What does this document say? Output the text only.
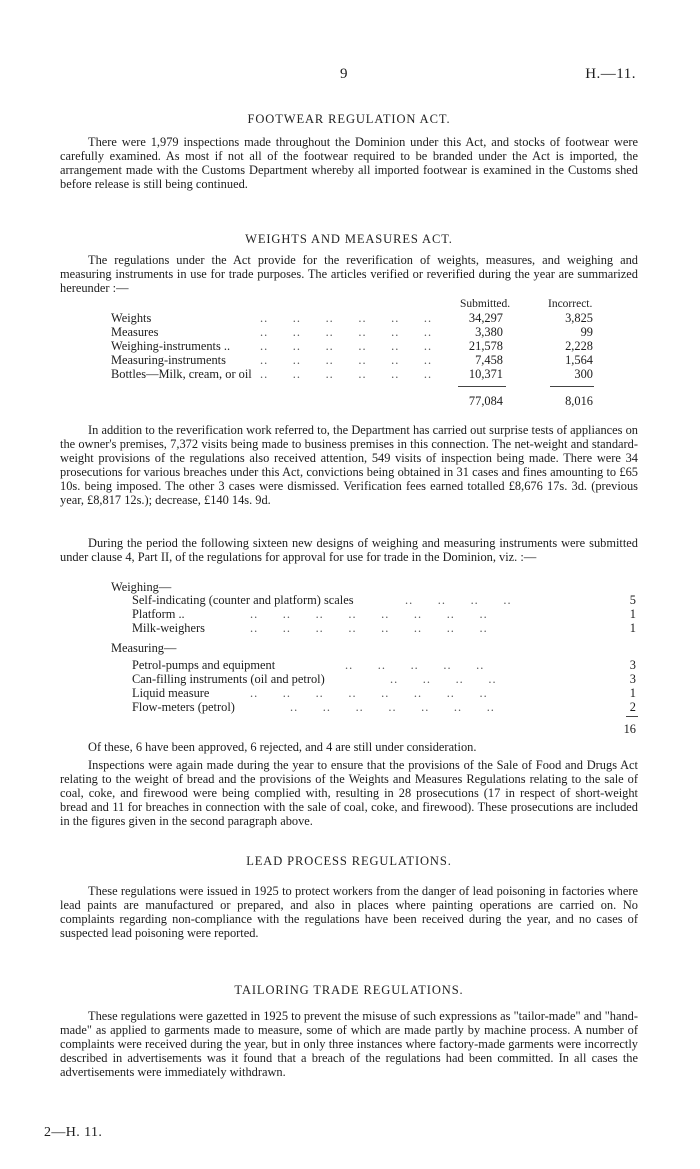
9	H.—11.
FOOTWEAR REGULATION ACT.

There were 1,979 inspections made throughout the Dominion under this Act, and stocks of footwear were carefully examined. As most if not all of the footwear required to be branded under the Act is imported, the arrangement made with the Customs Department whereby all imported footwear is examined in the Customs shed before release is still being continued.

WEIGHTS AND MEASURES ACT.

The regulations under the Act provide for the reverification of weights, measures, and weighing and measuring instruments in use for trade purposes. The articles verified or reverified during the year are summarized hereunder :—

Submitted.	Incorrect.
Weights	..      ..      ..      ..      ..      ..	34,297	3,825
Measures	..      ..      ..      ..      ..      ..	3,380	99
Weighing-instruments .. ..      ..      ..      ..      ..      ..	21,578	2,228
Measuring-instruments	..      ..      ..      ..      ..      ..	7,458	1,564
Bottles—Milk, cream, or oil ..      ..      ..      ..      ..      ..	10,371	300
77,084	8,016

In addition to the reverification work referred to, the Department has carried out surprise tests of appliances on the owner's premises, 7,372 visits being made to business premises in this connection. The net-weight and standard-weight provisions of the regulations also received attention, 549 visits of inspection being made. There were 34 prosecutions for various breaches under this Act, convictions being obtained in 31 cases and fines amounting to £65 10s. being imposed. The other 3 cases were dismissed. Verification fees earned totalled £8,676 17s. 3d. (previous year, £8,817 12s.); decrease, £140 14s. 9d.

During the period the following sixteen new designs of weighing and measuring instruments were submitted under clause 4, Part II, of the regulations for approval for use for trade in the Dominion, viz. :—

Weighing—
Self-indicating (counter and platform) scales	..      ..      ..      ..	5
Platform ..	..      ..      ..      ..      ..      ..      ..      ..	1
Milk-weighers	..      ..      ..      ..      ..      ..      ..      ..	1
Measuring—
Petrol-pumps and equipment	..      ..      ..      ..      ..	3
Can-filling instruments (oil and petrol)	..      ..      ..      ..	3
Liquid measure	..      ..      ..      ..      ..      ..      ..      ..	1
Flow-meters (petrol)	..      ..      ..      ..      ..      ..      ..	2
16

Of these, 6 have been approved, 6 rejected, and 4 are still under consideration.

Inspections were again made during the year to ensure that the provisions of the Sale of Food and Drugs Act relating to the weight of bread and the provisions of the Weights and Measures Regulations relating to the sale of coal, coke, and firewood were being complied with, resulting in 28 prosecutions (17 in respect of short-weight bread and 11 for breaches in connection with the sale of coal, coke, and firewood). These prosecutions are included in the figures given in the second paragraph above.

LEAD PROCESS REGULATIONS.

These regulations were issued in 1925 to protect workers from the danger of lead poisoning in factories where lead paints are manufactured or prepared, and also in places where painting operations are carried on. No complaints regarding non-compliance with the regulations have been received during the year, and no cases of suspected lead poisoning were reported.

TAILORING TRADE REGULATIONS.

These regulations were gazetted in 1925 to prevent the misuse of such expressions as "tailor-made" and "hand-made" as applied to garments made to measure, some of which are made partly by machine process. A number of complaints were received during the year, but in only three instances where factory-made garments were incorrectly described in advertisements was it found that a breach of the regulations had been committed. In all cases the advertisements were immediately withdrawn.

2—H. 11.
